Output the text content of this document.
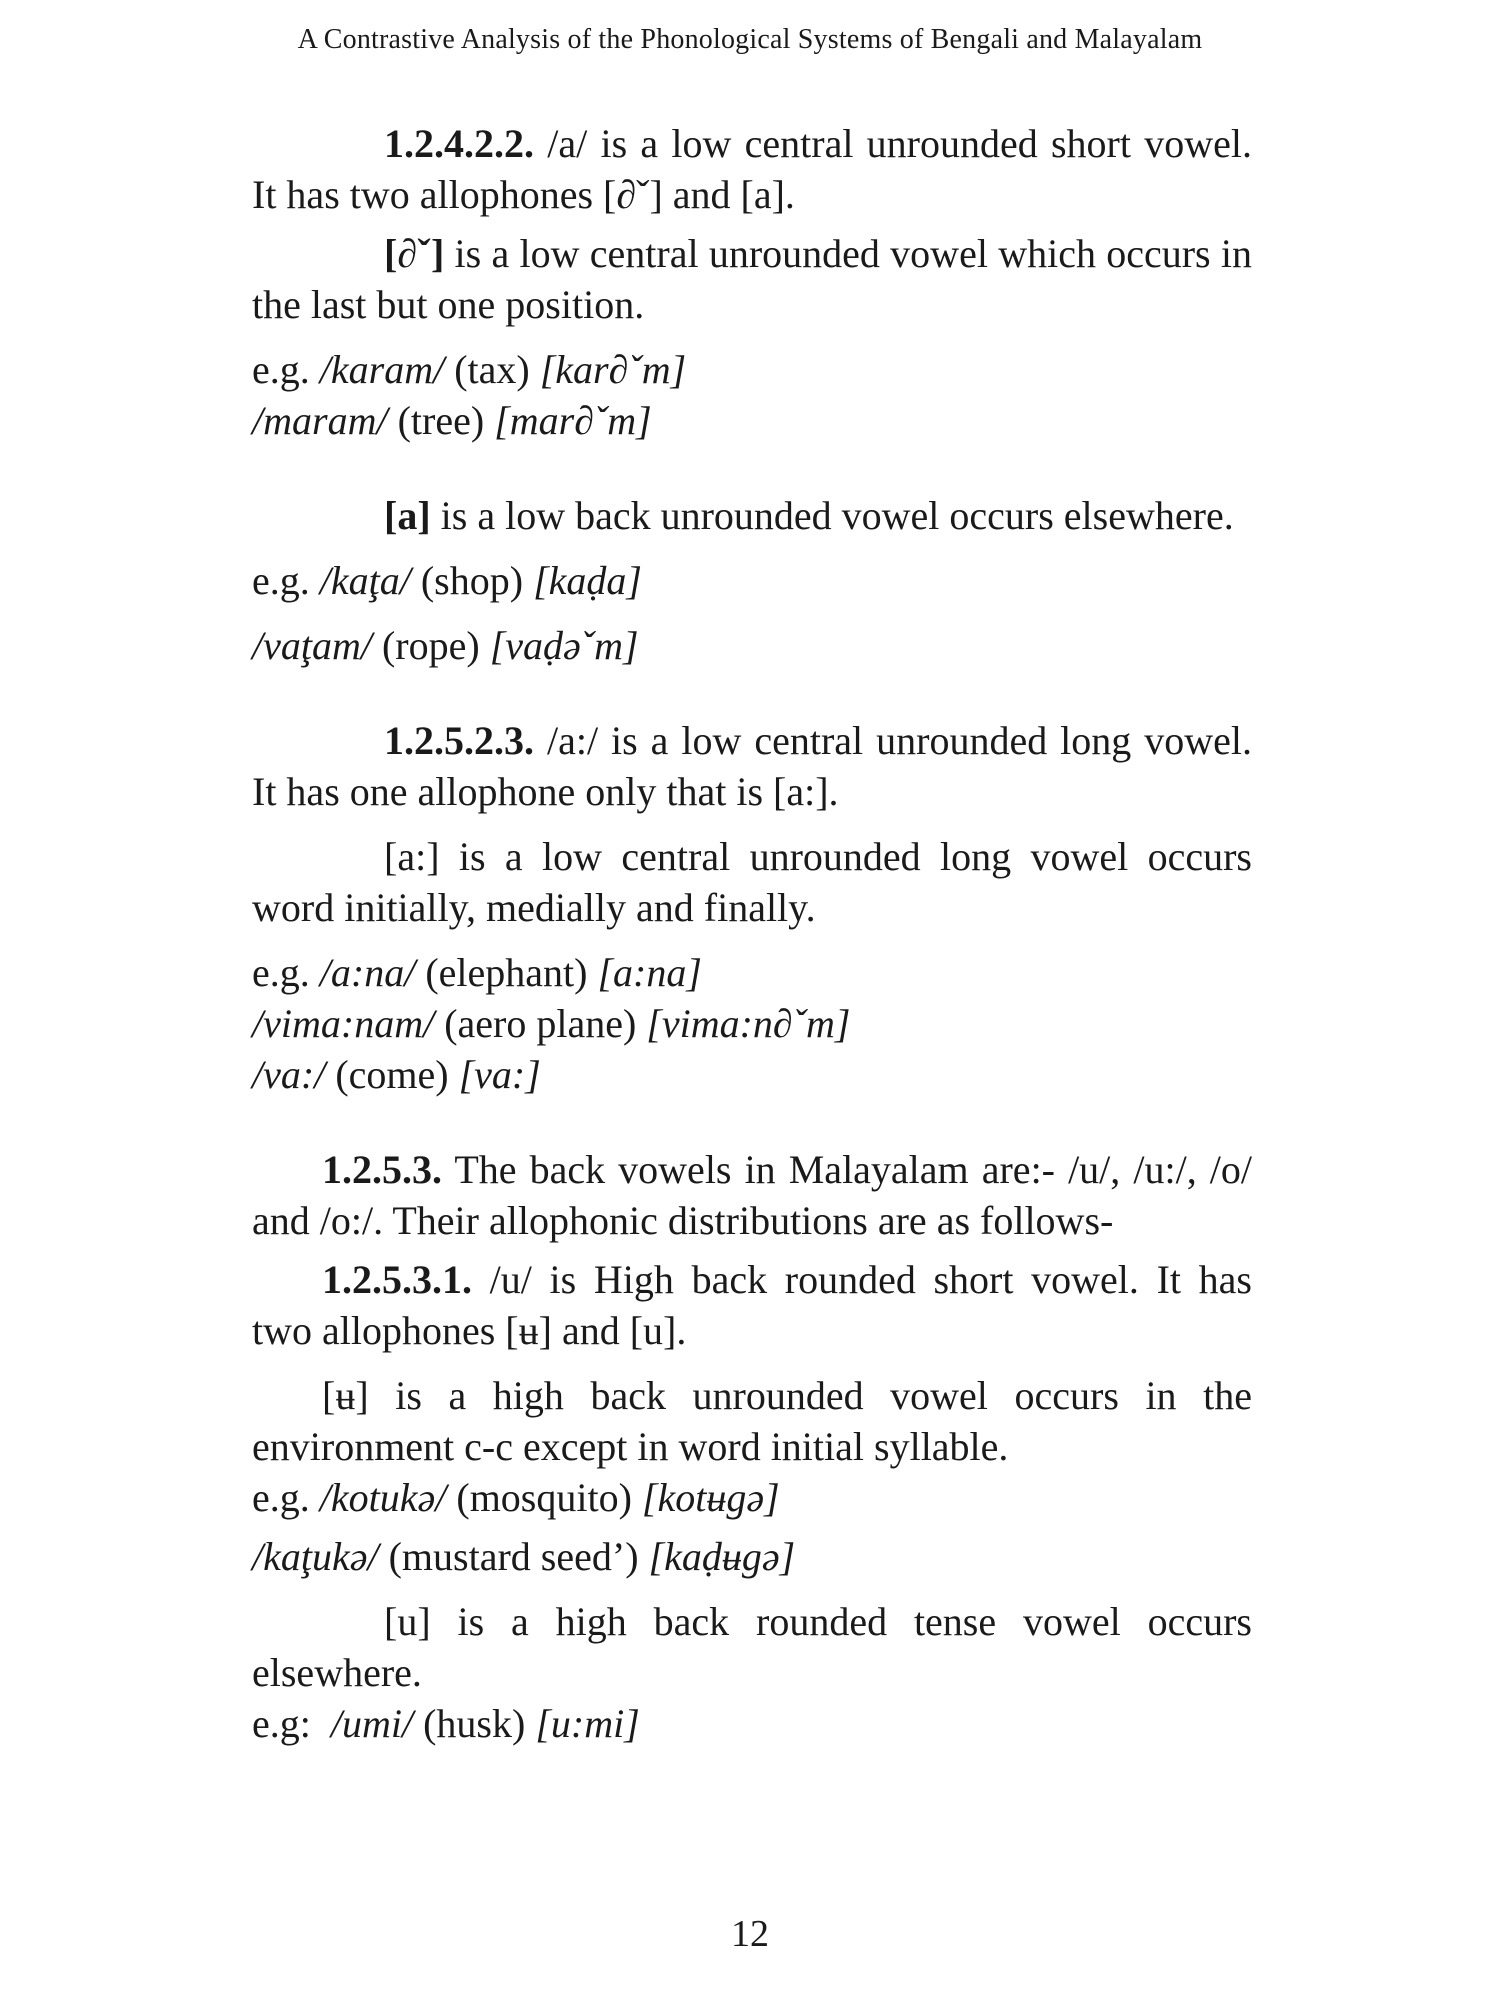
A Contrastive Analysis of the Phonological Systems of Bengali and Malayalam

1.2.4.2.2. /a/ is a low central unrounded short vowel. It has two allophones [∂ˇ] and [a].

[∂ˇ] is a low central unrounded vowel which occurs in the last but one position.

e.g. /karam/ (tax) [kar∂ˇm]

/maram/ (tree) [mar∂ˇm]

[a] is a low back unrounded vowel occurs elsewhere.

e.g. /kaţa/ (shop) [kaḍa]

/vaţam/ (rope) [vaḍəˇm]

1.2.5.2.3. /a:/ is a low central unrounded long vowel. It has one allophone only that is [a:].

[a:] is a low central unrounded long vowel occurs word initially, medially and finally.

e.g. /a:na/ (elephant) [a:na]

/vima:nam/ (aero plane) [vima:n∂ˇm]

/va:/ (come) [va:]

1.2.5.3. The back vowels in Malayalam are:- /u/, /u:/, /o/ and /o:/. Their allophonic distributions are as follows-

1.2.5.3.1. /u/ is High back rounded short vowel. It has two allophones [ʉ] and [u].

[ʉ] is a high back unrounded vowel occurs in the environment c-c except in word initial syllable.

e.g. /kotukə/ (mosquito) [kotʉgə]

/kaţukə/ (mustard seed’) [kaḍʉgə]

[u] is a high back rounded tense vowel occurs elsewhere.

e.g:  /umi/ (husk) [u:mi]

12
